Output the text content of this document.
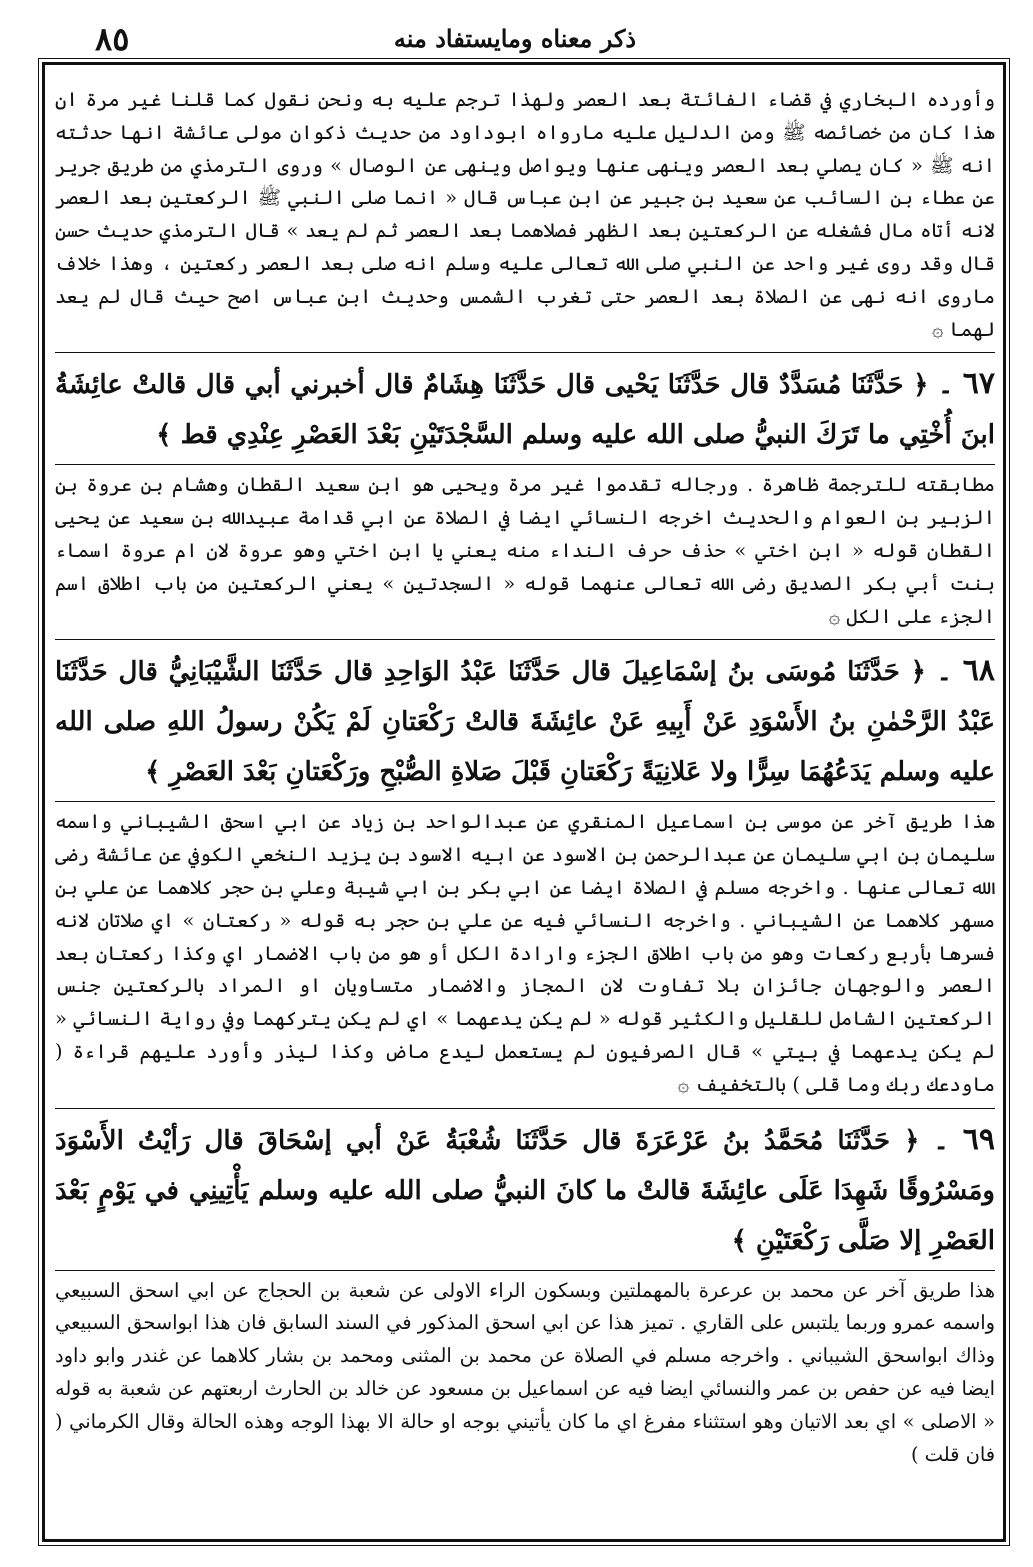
ذکر معناه ومایستفاد منه
٨٥

وأورده البخاري في قضاء الفائتة بعد العصر ولهذا ترجم عليه به ونحن نقول كما قلنا غير مرة ان هذا كان من خصائصه ﷺ ومن الدليل عليه مارواه ابوداود من حديث ذكوان مولى عائشة انها حدثته انه ﷺ « كان يصلي بعد العصر وينهى عنها ويواصل وينهى عن الوصال » وروى الترمذي من طريق جرير عن عطاء بن السائب عن سعيد بن جبير عن ابن عباس قال « انما صلى النبي ﷺ الركعتين بعد العصر لانه أتاه مال فشغله عن الركعتين بعد الظهر فصلاهما بعد العصر ثم لم يعد » قال الترمذي حديث حسن قال وقد روى غير واحد عن النبي صلى الله تعالى عليه وسلم انه صلى بعد العصر ركعتين ، وهذا خلاف ماروى انه نهى عن الصلاة بعد العصر حتى تغرب الشمس وحديث ابن عباس اصح حيث قال لم يعد لهما ۞

٦٧ ۔ ﴿ حَدَّثَنَا مُسَدَّدٌ قال حَدَّثَنَا يَحْيى قال حَدَّثَنَا هِشَامٌ قال أخبرني أبي قال قالتْ عائِشَةُ ابنَ أُخْتِي ما تَرَكَ النبيُّ صلى الله عليه وسلم السَّجْدَتَيْنِ بَعْدَ العَصْرِ عِنْدِي قط ﴾

مطابقته للترجمة ظاهرة . ورجاله تقدموا غير مرة ويحيى هو ابن سعيد القطان وهشام بن عروة بن الزبير بن العوام والحديث اخرجه النسائي ايضا في الصلاة عن ابي قدامة عبيدالله بن سعيد عن يحيى القطان قوله « ابن اختي » حذف حرف النداء منه يعني يا ابن اختي وهو عروة لان ام عروة اسماء بنت أبي بكر الصديق رضى الله تعالى عنهما قوله « السجدتين » يعني الركعتين من باب اطلاق اسم الجزء على الكل ۞

٦٨ ۔ ﴿ حَدَّثَنَا مُوسَى بنُ إسْمَاعِيلَ قال حَدَّثَنَا عَبْدُ الوَاحِدِ قال حَدَّثَنَا الشَّيْبَانِيُّ قال حَدَّثَنَا عَبْدُ الرَّحْمٰنِ بنُ الأَسْوَدِ عَنْ أَبِيهِ عَنْ عائِشَةَ قالتْ رَكْعَتانِ لَمْ يَكُنْ رسولُ اللهِ صلى الله عليه وسلم يَدَعُهُمَا سِرًّا ولا عَلانِيَةً رَكْعَتانِ قَبْلَ صَلاةِ الصُّبْحِ ورَكْعَتانِ بَعْدَ العَصْرِ ﴾

هذا طريق آخر عن موسى بن اسماعيل المنقري عن عبدالواحد بن زياد عن ابي اسحق الشيباني واسمه سليمان بن ابي سليمان عن عبدالرحمن بن الاسود عن ابيه الاسود بن يزيد النخعي الكوفي عن عائشة رضى الله تعالى عنها . واخرجه مسلم في الصلاة ايضا عن ابي بكر بن ابي شيبة وعلي بن حجر كلاهما عن علي بن مسهر كلاهما عن الشيباني . واخرجه النسائي فيه عن علي بن حجر به قوله « ركعتان » اي صلاتان لانه فسرها بأربع ركعات وهو من باب اطلاق الجزء وارادة الكل أو هو من باب الاضمار اي وكذا ركعتان بعد العصر والوجهان جائزان بلا تفاوت لان المجاز والاضمار متساويان او المراد بالركعتين جنس الركعتين الشامل للقليل والكثير قوله « لم يكن يدعهما » اي لم يكن يتركهما وفي رواية النسائي « لم يكن يدعهما في بيتي » قال الصرفيون لم يستعمل ليدع ماض وكذا ليذر وأورد عليهم قراءة ( ماودعك ربك وما قلى ) بالتخفيف ۞

٦٩ ۔ ﴿ حَدَّثَنَا مُحَمَّدُ بنُ عَرْعَرَةَ قال حَدَّثَنَا شُعْبَةُ عَنْ أبي إسْحَاقَ قال رَأيْتُ الأَسْوَدَ ومَسْرُوقًا شَهِدَا عَلَى عائِشَةَ قالتْ ما كانَ النبيُّ صلى الله عليه وسلم يَأْتِينِي في يَوْمٍ بَعْدَ العَصْرِ إلا صَلَّى رَكْعَتَيْنِ ﴾

هذا طريق آخر عن محمد بن عرعرة بالمهملتين وبسكون الراء الاولى عن شعبة بن الحجاج عن ابي اسحق السبيعي واسمه عمرو وربما يلتبس على القاري . تميز هذا عن ابي اسحق المذكور في السند السابق فان هذا ابواسحق السبيعي وذاك ابواسحق الشيباني . واخرجه مسلم في الصلاة عن محمد بن المثنى ومحمد بن بشار كلاهما عن غندر وابو داود ايضا فيه عن حفص بن عمر والنسائي ايضا فيه عن اسماعيل بن مسعود عن خالد بن الحارث اربعتهم عن شعبة به قوله « الاصلى » اي بعد الاتيان وهو استثناء مفرغ اي ما كان يأتيني بوجه او حالة الا بهذا الوجه وهذه الحالة وقال الكرماني ( فان قلت )
